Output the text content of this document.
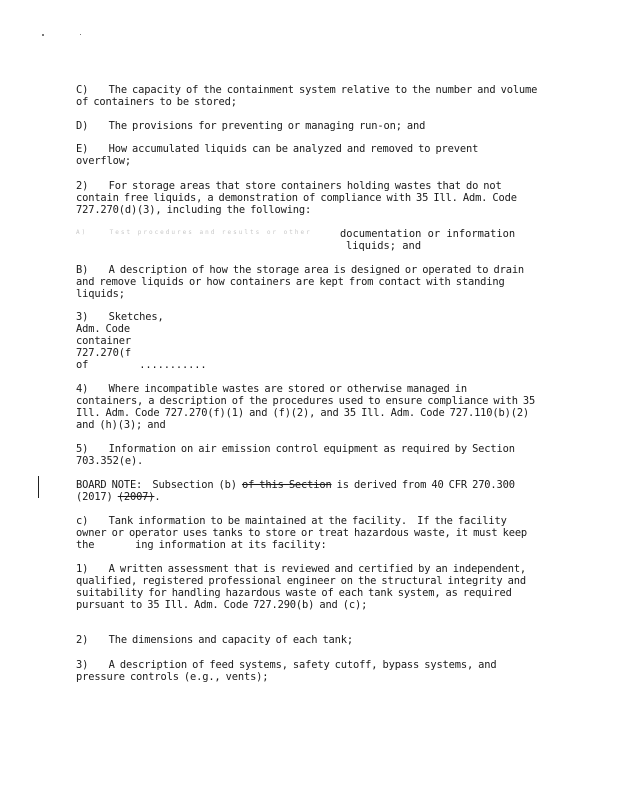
C)    The capacity of the containment system relative to the number and volume of containers to be stored;
D)    The provisions for preventing or managing run-on; and
E)    How accumulated liquids can be analyzed and removed to prevent overflow;
2)    For storage areas that store containers holding wastes that do not contain free liquids, a demonstration of compliance with 35 Ill. Adm. Code 727.270(d)(3), including the following:
A)    Test procedures and results or other	documentation or information
liquids; and
B)    A description of how the storage area is designed or operated to drain and remove liquids or how containers are kept from contact with standing liquids;
3)    Sketches,
Adm. Code
container
727.270(f
of          ...........
4)    Where incompatible wastes are stored or otherwise managed in containers, a description of the procedures used to ensure compliance with 35 Ill. Adm. Code 727.270(f)(1) and (f)(2), and 35 Ill. Adm. Code 727.110(b)(2) and (h)(3); and
5)    Information on air emission control equipment as required by Section 703.352(e).
BOARD NOTE:  Subsection (b) of this Section is derived from 40 CFR 270.300 (2017) (2007).
c)    Tank information to be maintained at the facility.  If the facility owner or operator uses tanks to store or treat hazardous waste, it must keep the        ing information at its facility:
1)    A written assessment that is reviewed and certified by an independent, qualified, registered professional engineer on the structural integrity and suitability for handling hazardous waste of each tank system, as required pursuant to 35 Ill. Adm. Code 727.290(b) and (c);
2)    The dimensions and capacity of each tank;
3)    A description of feed systems, safety cutoff, bypass systems, and pressure controls (e.g., vents);
